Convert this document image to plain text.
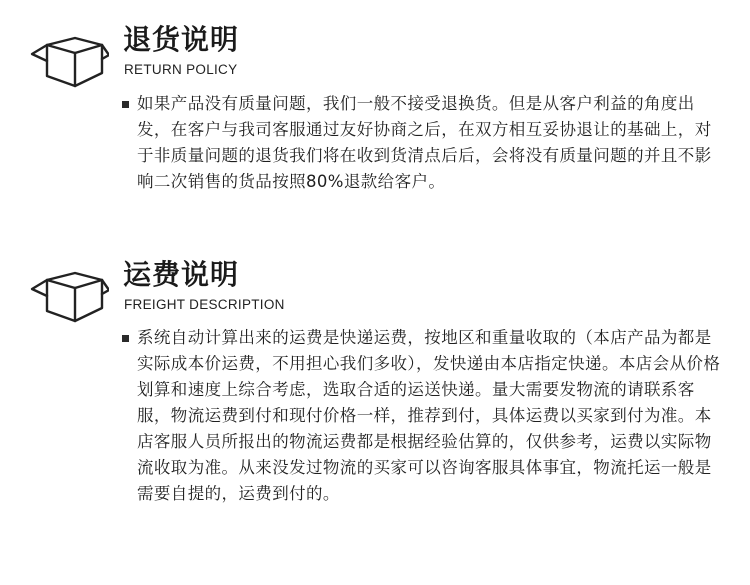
退货说明
RETURN POLICY

如果产品没有质量问题，我们一般不接受退换货。但是从客户利益的角度出发，在客户与我司客服通过友好协商之后，在双方相互妥协退让的基础上，对于非质量问题的退货我们将在收到货清点后后，会将没有质量问题的并且不影响二次销售的货品按照80%退款给客户。

运费说明
FREIGHT DESCRIPTION

系统自动计算出来的运费是快递运费，按地区和重量收取的（本店产品为都是实际成本价运费，不用担心我们多收），发快递由本店指定快递。本店会从价格划算和速度上综合考虑，选取合适的运送快递。量大需要发物流的请联系客服，物流运费到付和现付价格一样，推荐到付，具体运费以买家到付为准。本店客服人员所报出的物流运费都是根据经验估算的，仅供参考，运费以实际物流收取为准。从来没发过物流的买家可以咨询客服具体事宜，物流托运一般是需要自提的，运费到付的。
